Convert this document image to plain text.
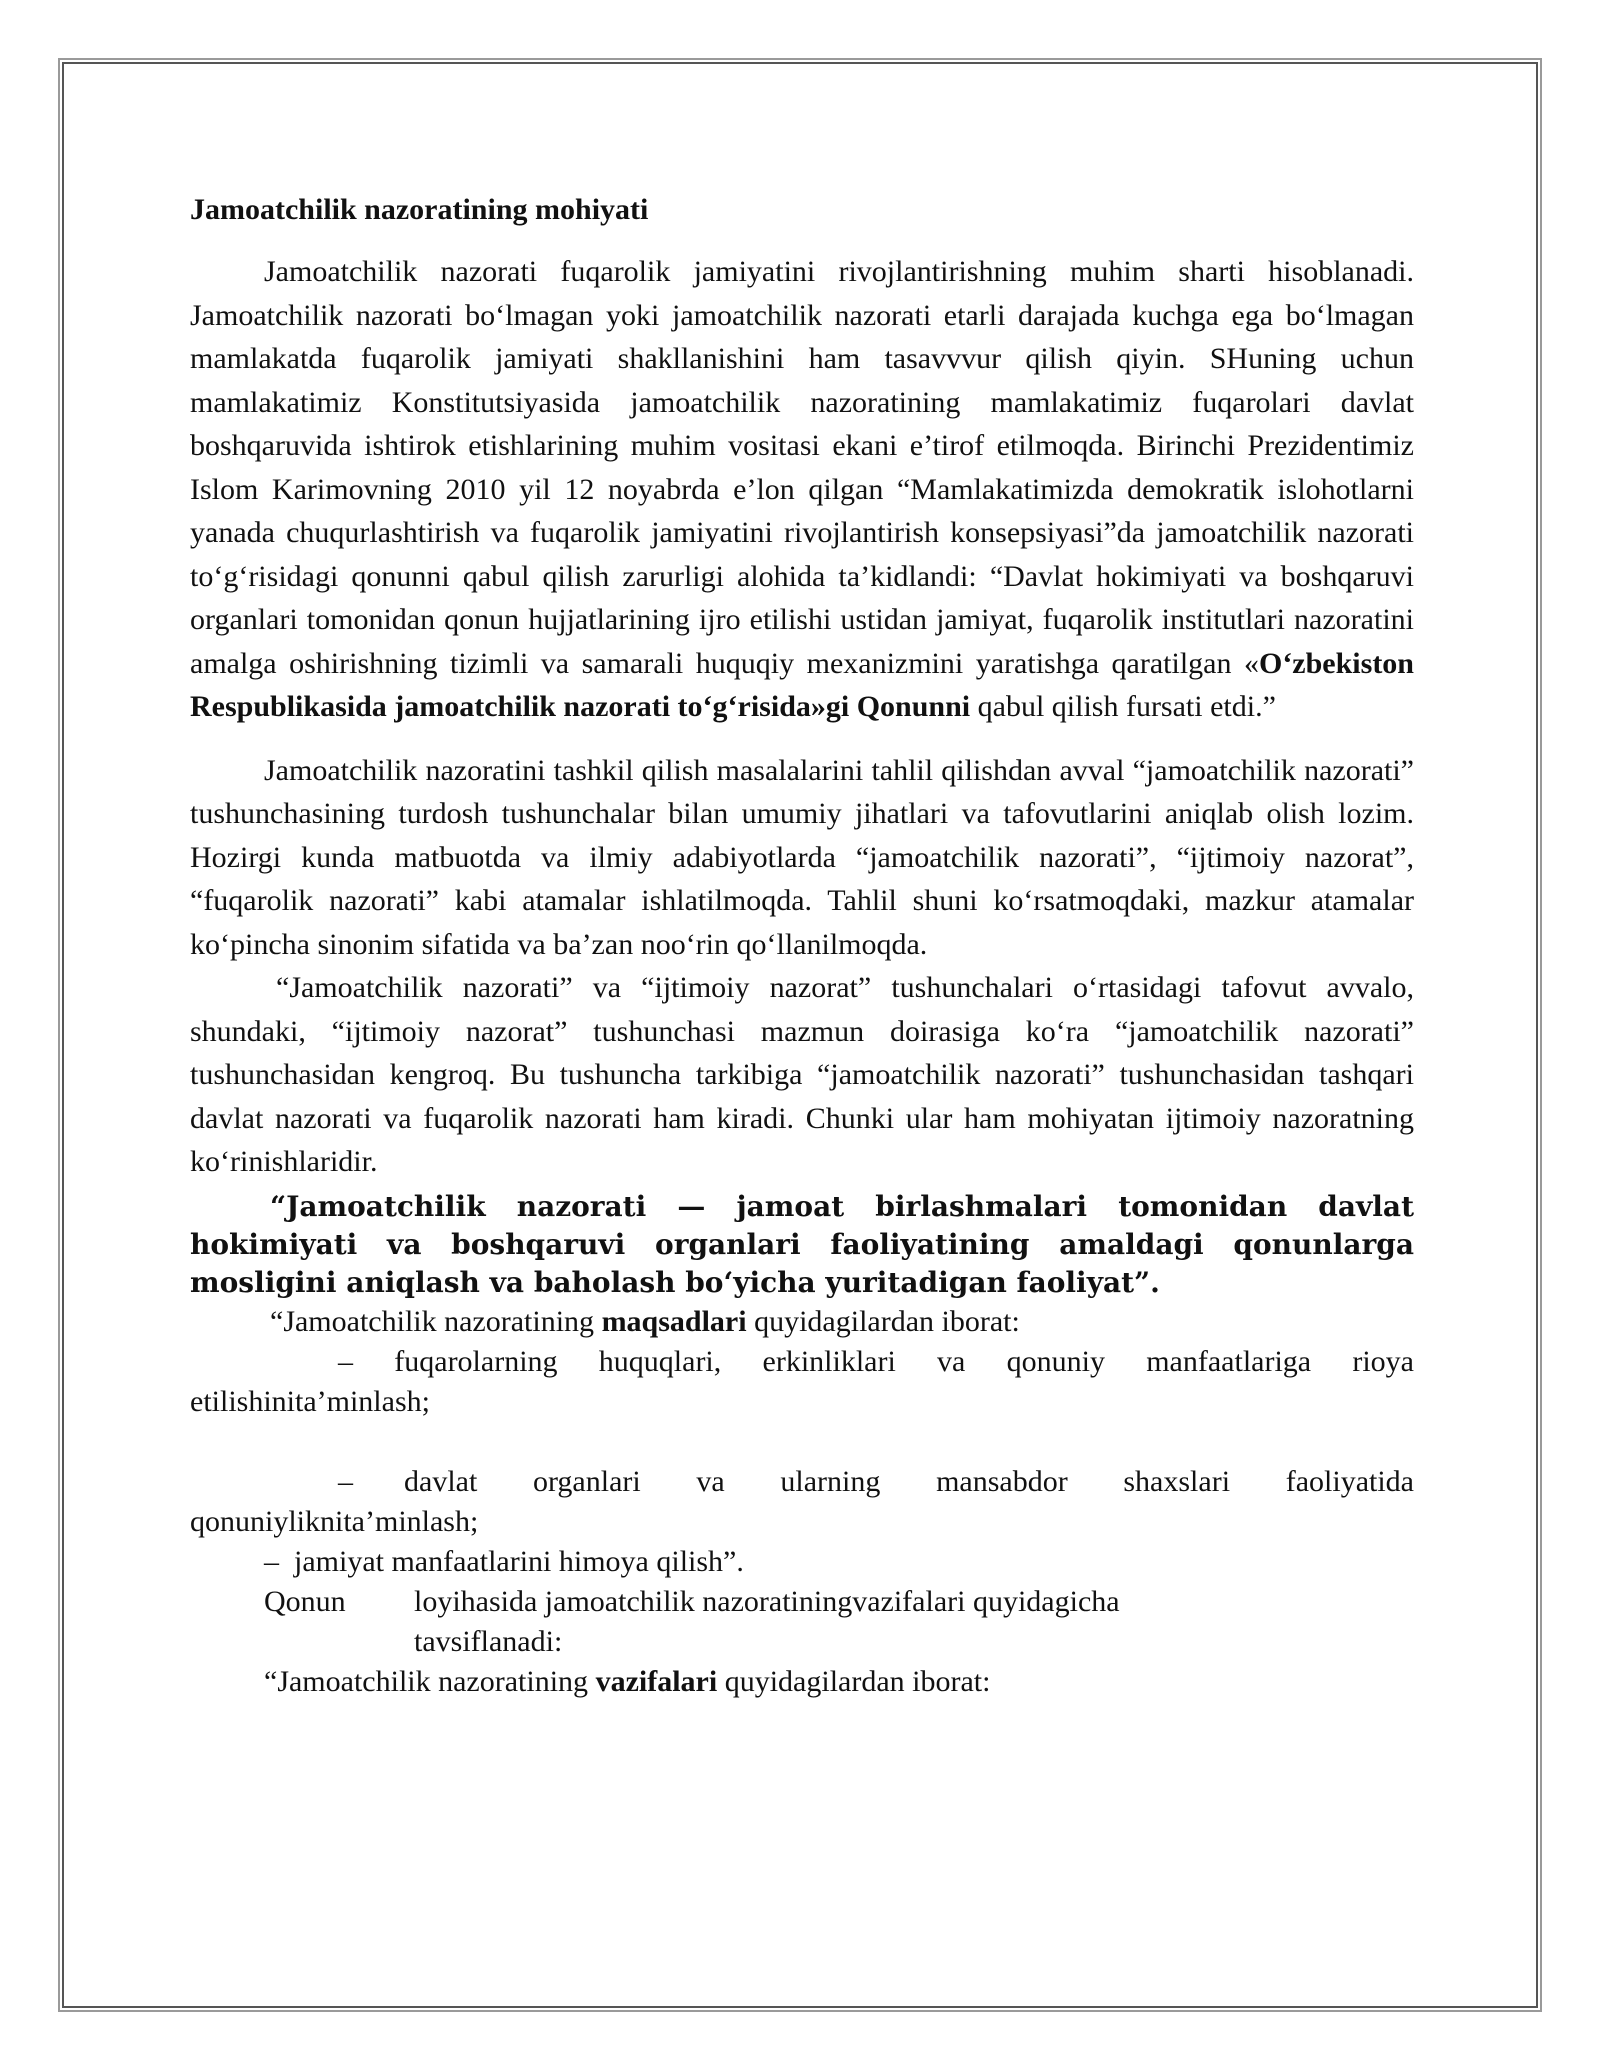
Jamoatchilik nazoratining mohiyati

Jamoatchilik nazorati fuqarolik jamiyatini rivojlantirishning muhim sharti hisoblanadi. Jamoatchilik nazorati bo‘lmagan yoki jamoatchilik nazorati etarli darajada kuchga ega bo‘lmagan mamlakatda fuqarolik jamiyati shakllanishini ham tasavvvur qilish qiyin. SHuning uchun mamlakatimiz Konstitutsiyasida jamoatchilik nazoratining mamlakatimiz fuqarolari davlat boshqaruvida ishtirok etishlarining muhim vositasi ekani e’tirof etilmoqda. Birinchi Prezidentimiz Islom Karimovning 2010 yil 12 noyabrda e’lon qilgan “Mamlakatimizda demokratik islohotlarni yanada chuqurlashtirish va fuqarolik jamiyatini rivojlantirish konsepsiyasi”da jamoatchilik nazorati to‘g‘risidagi qonunni qabul qilish zarurligi alohida ta’kidlandi: “Davlat hokimiyati va boshqaruvi organlari tomonidan qonun hujjatlarining ijro etilishi ustidan jamiyat, fuqarolik institutlari nazoratini amalga oshirishning tizimli va samarali huquqiy mexanizmini yaratishga qaratilgan «O‘zbekiston Respublikasida jamoatchilik nazorati to‘g‘risida»gi Qonunni qabul qilish fursati etdi.”

Jamoatchilik nazoratini tashkil qilish masalalarini tahlil qilishdan avval “jamoatchilik nazorati” tushunchasining turdosh tushunchalar bilan umumiy jihatlari va tafovutlarini aniqlab olish lozim. Hozirgi kunda matbuotda va ilmiy adabiyotlarda “jamoatchilik nazorati”, “ijtimoiy nazorat”, “fuqarolik nazorati” kabi atamalar ishlatilmoqda. Tahlil shuni ko‘rsatmoqdaki, mazkur atamalar ko‘pincha sinonim sifatida va ba’zan noo‘rin qo‘llanilmoqda.

“Jamoatchilik nazorati” va “ijtimoiy nazorat” tushunchalari o‘rtasidagi tafovut avvalo, shundaki, “ijtimoiy nazorat” tushunchasi mazmun doirasiga ko‘ra “jamoatchilik nazorati” tushunchasidan kengroq. Bu tushuncha tarkibiga “jamoatchilik nazorati” tushunchasidan tashqari davlat nazorati va fuqarolik nazorati ham kiradi. Chunki ular ham mohiyatan ijtimoiy nazoratning ko‘rinishlaridir.

“Jamoatchilik nazorati — jamoat birlashmalari tomonidan davlat hokimiyati va boshqaruvi organlari faoliyatining amaldagi qonunlarga mosligini aniqlash va baholash bo‘yicha yuritadigan faoliyat”.

“Jamoatchilik nazoratining maqsadlari quyidagilardan iborat:

– fuqarolarning huquqlari, erkinliklari va qonuniy manfaatlariga rioya etilishinita’minlash;

– davlat organlari va ularning mansabdor shaxslari faoliyatida qonuniyliknita’minlash;

– jamiyat manfaatlarini himoya qilish”.

Qonun	loyihasida jamoatchilik nazoratiningvazifalari quyidagicha tavsiflanadi:

“Jamoatchilik nazoratining vazifalari quyidagilardan iborat:
